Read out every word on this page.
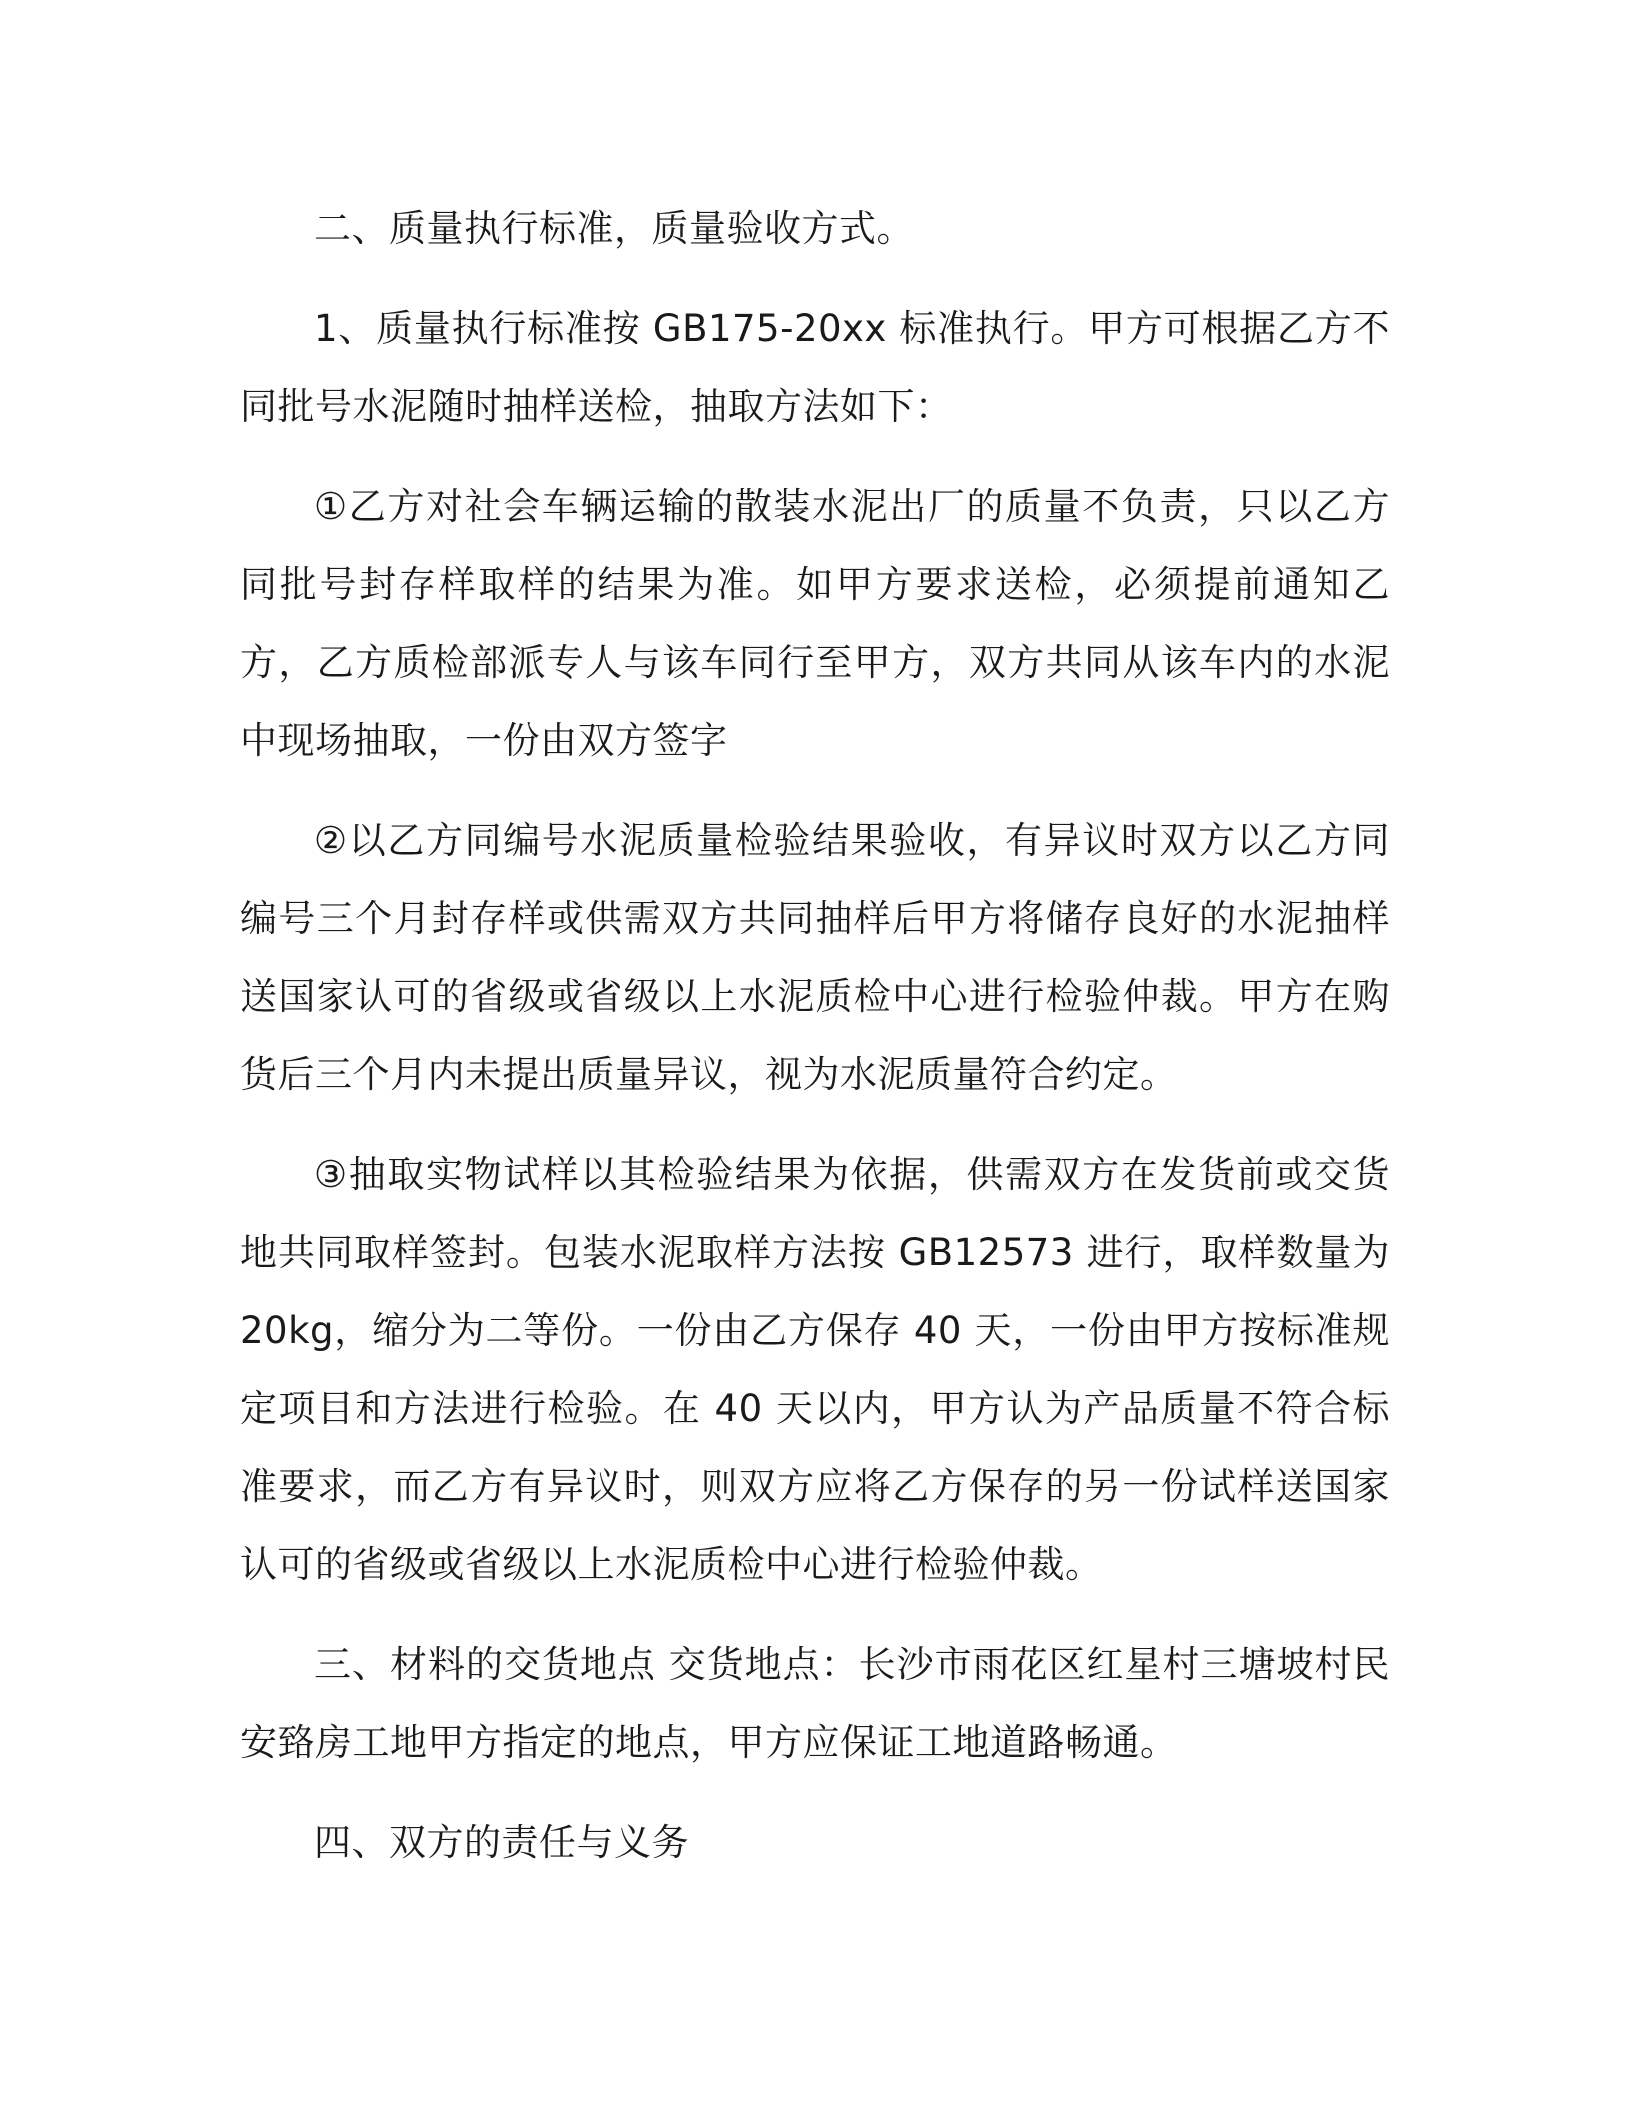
二、质量执行标准，质量验收方式。

1、质量执行标准按 GB175-20xx 标准执行。甲方可根据乙方不同批号水泥随时抽样送检，抽取方法如下：

①乙方对社会车辆运输的散装水泥出厂的质量不负责，只以乙方同批号封存样取样的结果为准。如甲方要求送检，必须提前通知乙方，乙方质检部派专人与该车同行至甲方，双方共同从该车内的水泥中现场抽取，一份由双方签字

②以乙方同编号水泥质量检验结果验收，有异议时双方以乙方同编号三个月封存样或供需双方共同抽样后甲方将储存良好的水泥抽样送国家认可的省级或省级以上水泥质检中心进行检验仲裁。甲方在购货后三个月内未提出质量异议，视为水泥质量符合约定。

③抽取实物试样以其检验结果为依据，供需双方在发货前或交货地共同取样签封。包装水泥取样方法按 GB12573 进行，取样数量为 20kg，缩分为二等份。一份由乙方保存 40 天，一份由甲方按标准规定项目和方法进行检验。在 40 天以内，甲方认为产品质量不符合标准要求，而乙方有异议时，则双方应将乙方保存的另一份试样送国家认可的省级或省级以上水泥质检中心进行检验仲裁。

三、材料的交货地点 交货地点：长沙市雨花区红星村三塘坡村民安臵房工地甲方指定的地点，甲方应保证工地道路畅通。

四、双方的责任与义务
